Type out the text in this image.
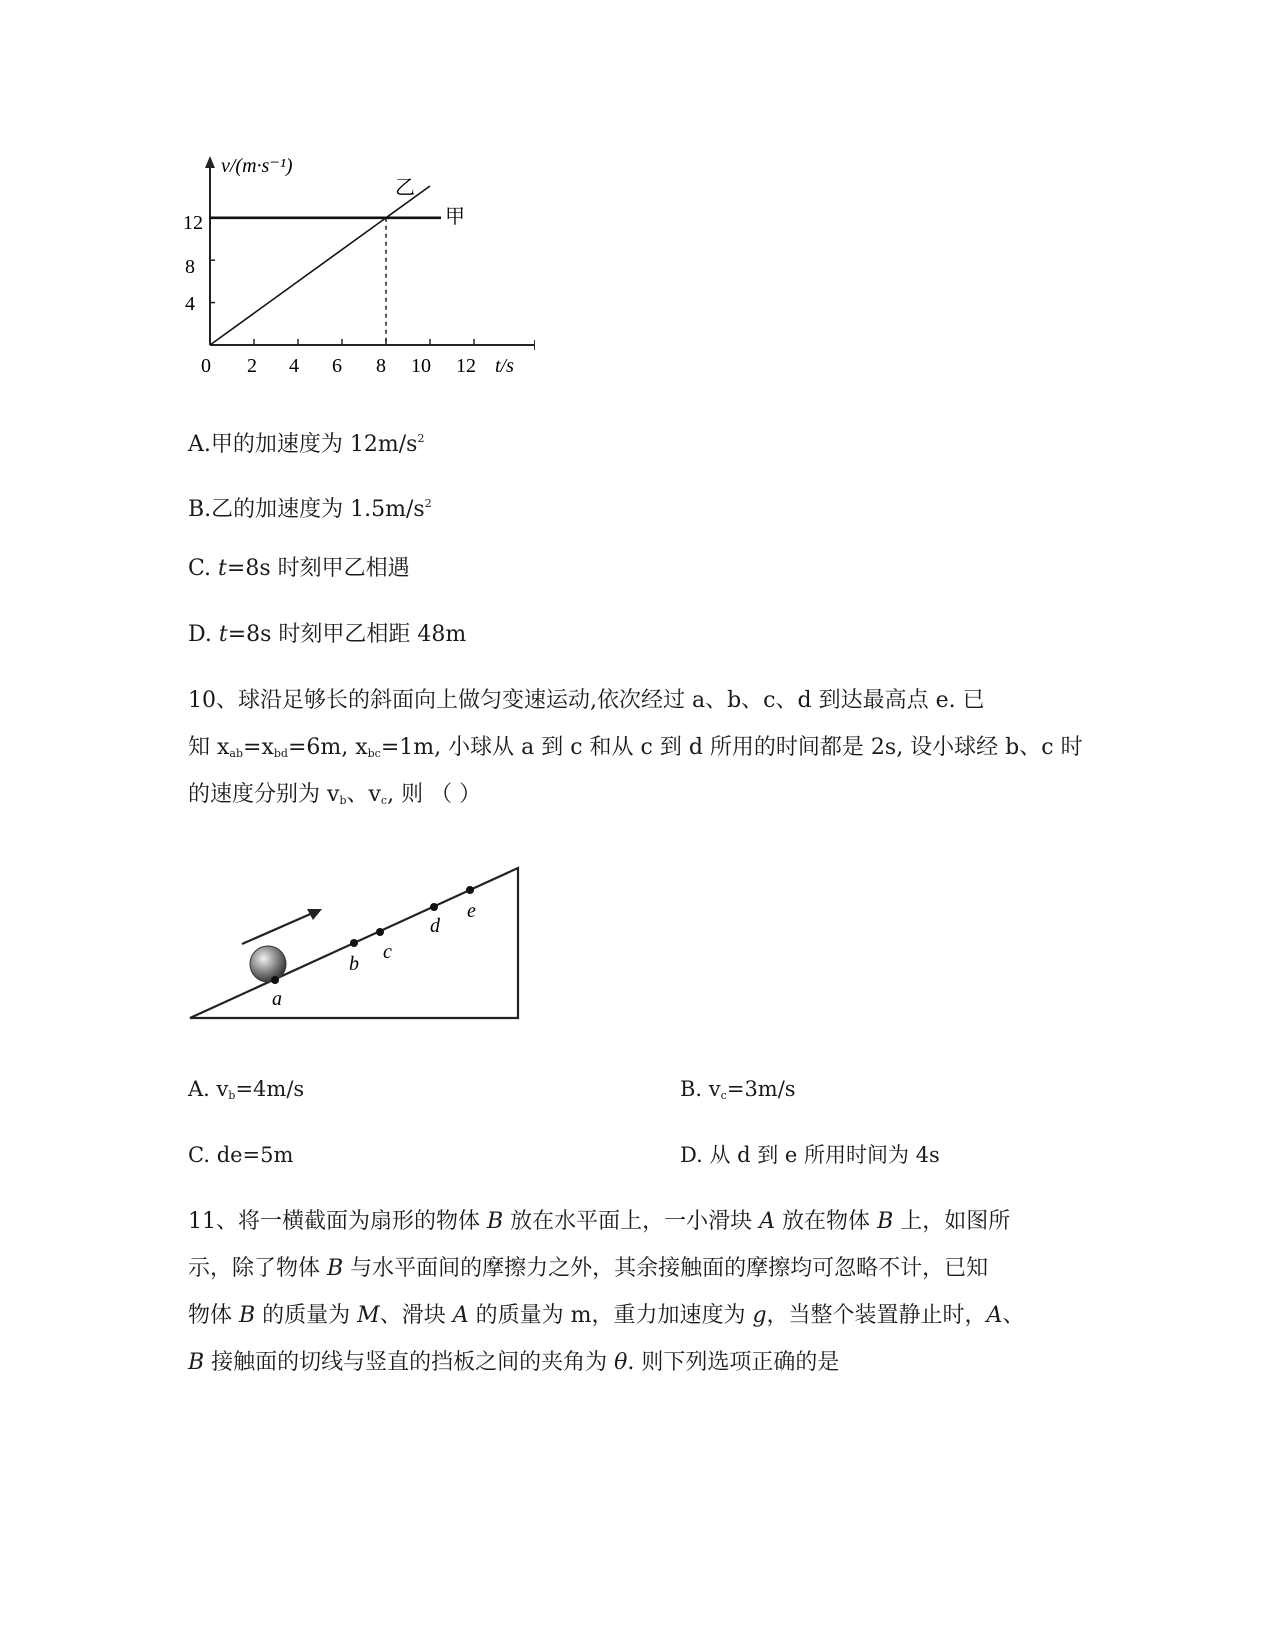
v/(m·s⁻¹)
t/s
12
8
4
0 2 4 6 8 10 12
甲
乙
A.甲的加速度为 $12m/s^2$
B.乙的加速度为 $1.5m/s^2$
C. t=8s 时刻甲乙相遇
D. t=8s 时刻甲乙相距 48m
10、球沿足够长的斜面向上做匀变速运动,依次经过 a、b、c、d 到达最高点 e. 已
知 $x_{ab}=x_{bd}=6m$, $x_{bc}=1m$, 小球从 a 到 c 和从 c 到 d 所用的时间都是 2s, 设小球经 b、c 时
的速度分别为 $v_b$、$v_c$, 则 （ ）
a
b
c
d
e
A. $v_b=4m/s$	B. $v_c=3m/s$
C. de=5m	D. 从 d 到 e 所用时间为 4s
11、将一横截面为扇形的物体 B 放在水平面上，一小滑块 A 放在物体 B 上，如图所
示，除了物体 B 与水平面间的摩擦力之外，其余接触面的摩擦均可忽略不计，已知
物体 B 的质量为 M、滑块 A 的质量为 m，重力加速度为 g，当整个装置静止时，A、
B 接触面的切线与竖直的挡板之间的夹角为 θ. 则下列选项正确的是
